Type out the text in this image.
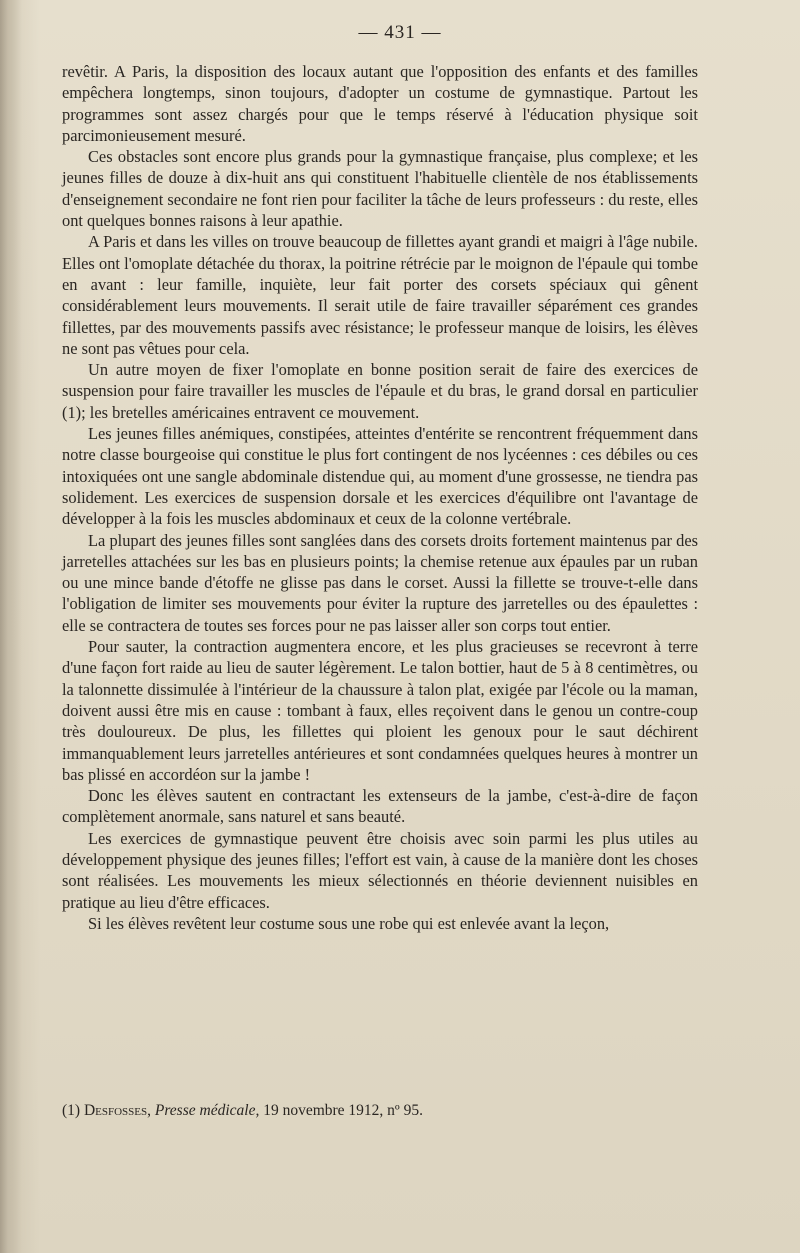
— 431 —

revêtir. A Paris, la disposition des locaux autant que l'opposition des enfants et des familles empêchera longtemps, sinon toujours, d'adopter un costume de gymnastique. Partout les programmes sont assez chargés pour que le temps réservé à l'éducation physique soit parcimonieusement mesuré.

Ces obstacles sont encore plus grands pour la gymnastique française, plus complexe; et les jeunes filles de douze à dix-huit ans qui constituent l'habituelle clientèle de nos établissements d'enseignement secondaire ne font rien pour faciliter la tâche de leurs professeurs : du reste, elles ont quelques bonnes raisons à leur apathie.

A Paris et dans les villes on trouve beaucoup de fillettes ayant grandi et maigri à l'âge nubile. Elles ont l'omoplate détachée du thorax, la poitrine rétrécie par le moignon de l'épaule qui tombe en avant : leur famille, inquiète, leur fait porter des corsets spéciaux qui gênent considérablement leurs mouvements. Il serait utile de faire travailler séparément ces grandes fillettes, par des mouvements passifs avec résistance; le professeur manque de loisirs, les élèves ne sont pas vêtues pour cela.

Un autre moyen de fixer l'omoplate en bonne position serait de faire des exercices de suspension pour faire travailler les muscles de l'épaule et du bras, le grand dorsal en particulier (1); les bretelles américaines entravent ce mouvement.

Les jeunes filles anémiques, constipées, atteintes d'entérite se rencontrent fréquemment dans notre classe bourgeoise qui constitue le plus fort contingent de nos lycéennes : ces débiles ou ces intoxiquées ont une sangle abdominale distendue qui, au moment d'une grossesse, ne tiendra pas solidement. Les exercices de suspension dorsale et les exercices d'équilibre ont l'avantage de développer à la fois les muscles abdominaux et ceux de la colonne vertébrale.

La plupart des jeunes filles sont sanglées dans des corsets droits fortement maintenus par des jarretelles attachées sur les bas en plusieurs points; la chemise retenue aux épaules par un ruban ou une mince bande d'étoffe ne glisse pas dans le corset. Aussi la fillette se trouve-t-elle dans l'obligation de limiter ses mouvements pour éviter la rupture des jarretelles ou des épaulettes : elle se contractera de toutes ses forces pour ne pas laisser aller son corps tout entier.

Pour sauter, la contraction augmentera encore, et les plus gracieuses se recevront à terre d'une façon fort raide au lieu de sauter légèrement. Le talon bottier, haut de 5 à 8 centimètres, ou la talonnette dissimulée à l'intérieur de la chaussure à talon plat, exigée par l'école ou la maman, doivent aussi être mis en cause : tombant à faux, elles reçoivent dans le genou un contre-coup très douloureux. De plus, les fillettes qui ploient les genoux pour le saut déchirent immanquablement leurs jarretelles antérieures et sont condamnées quelques heures à montrer un bas plissé en accordéon sur la jambe !

Donc les élèves sautent en contractant les extenseurs de la jambe, c'est-à-dire de façon complètement anormale, sans naturel et sans beauté.

Les exercices de gymnastique peuvent être choisis avec soin parmi les plus utiles au développement physique des jeunes filles; l'effort est vain, à cause de la manière dont les choses sont réalisées. Les mouvements les mieux sélectionnés en théorie deviennent nuisibles en pratique au lieu d'être efficaces.

Si les élèves revêtent leur costume sous une robe qui est enlevée avant la leçon,

(1) Desfosses, Presse médicale, 19 novembre 1912, nº 95.
